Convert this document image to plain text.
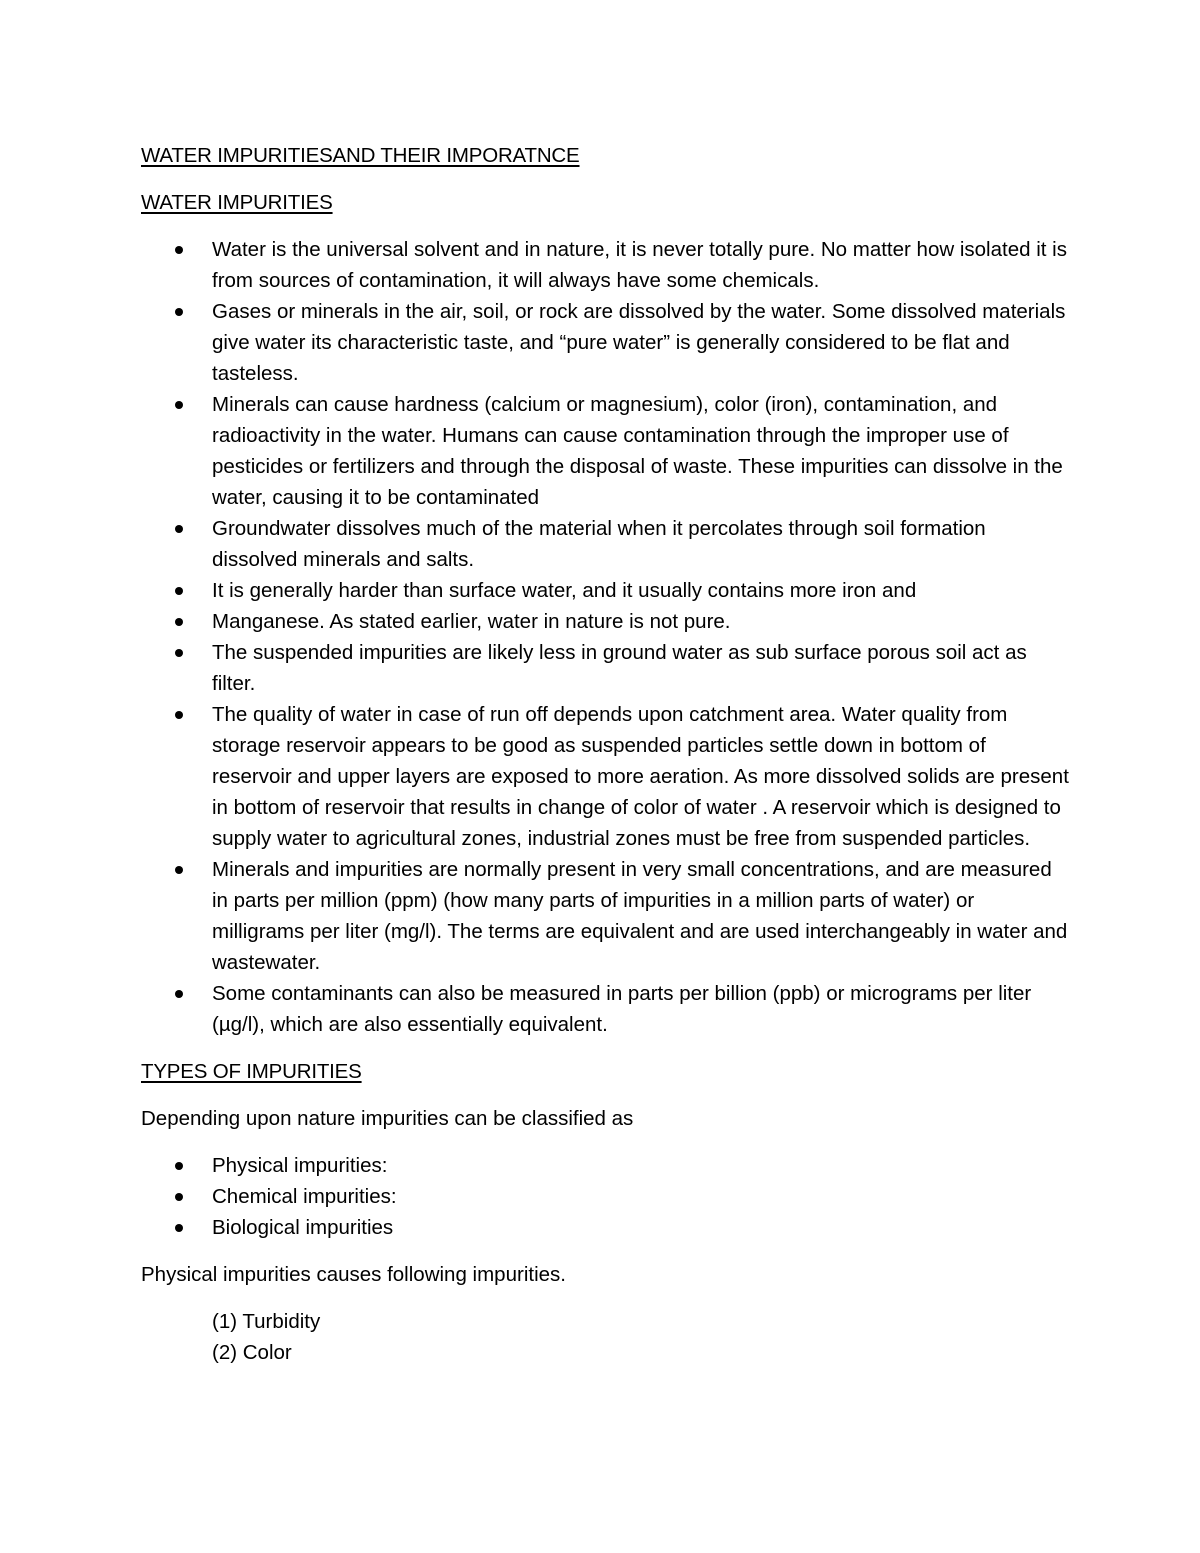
WATER IMPURITIESAND THEIR IMPORATNCE
WATER IMPURITIES
Water is the universal solvent and in nature, it is never totally pure. No matter how isolated it is from sources of contamination, it will always have some chemicals.
Gases or minerals in the air, soil, or rock are dissolved by the water. Some dissolved materials give water its characteristic taste, and “pure water” is generally considered to be flat and tasteless.
Minerals can cause hardness (calcium or magnesium), color (iron), contamination, and radioactivity in the water. Humans can cause contamination through the improper use of pesticides or fertilizers and through the disposal of waste. These impurities can dissolve in the water, causing it to be contaminated
Groundwater dissolves much of the material when it percolates through soil formation dissolved minerals and salts.
It is generally harder than surface water, and it usually contains more iron and
Manganese. As stated earlier, water in nature is not pure.
The suspended impurities are likely less in ground water as sub surface porous soil act as filter.
The quality of water in case of run off depends upon catchment area. Water quality from storage reservoir appears to be good as suspended particles settle down in bottom of reservoir and upper layers are exposed to more aeration. As more dissolved solids are present in bottom of reservoir that results in change of color of water . A reservoir which is designed to supply water to agricultural zones, industrial zones must be free from suspended particles.
Minerals and impurities are normally present in very small concentrations, and are measured in parts per million (ppm) (how many parts of impurities in a million parts of water) or milligrams per liter (mg/l). The terms are equivalent and are used interchangeably in water and wastewater.
Some contaminants can also be measured in parts per billion (ppb) or micrograms per liter (µg/l), which are also essentially equivalent.
TYPES OF IMPURITIES
Depending upon nature impurities can be classified as
Physical impurities:
Chemical impurities:
Biological impurities
Physical impurities causes following impurities.
(1) Turbidity
(2) Color
